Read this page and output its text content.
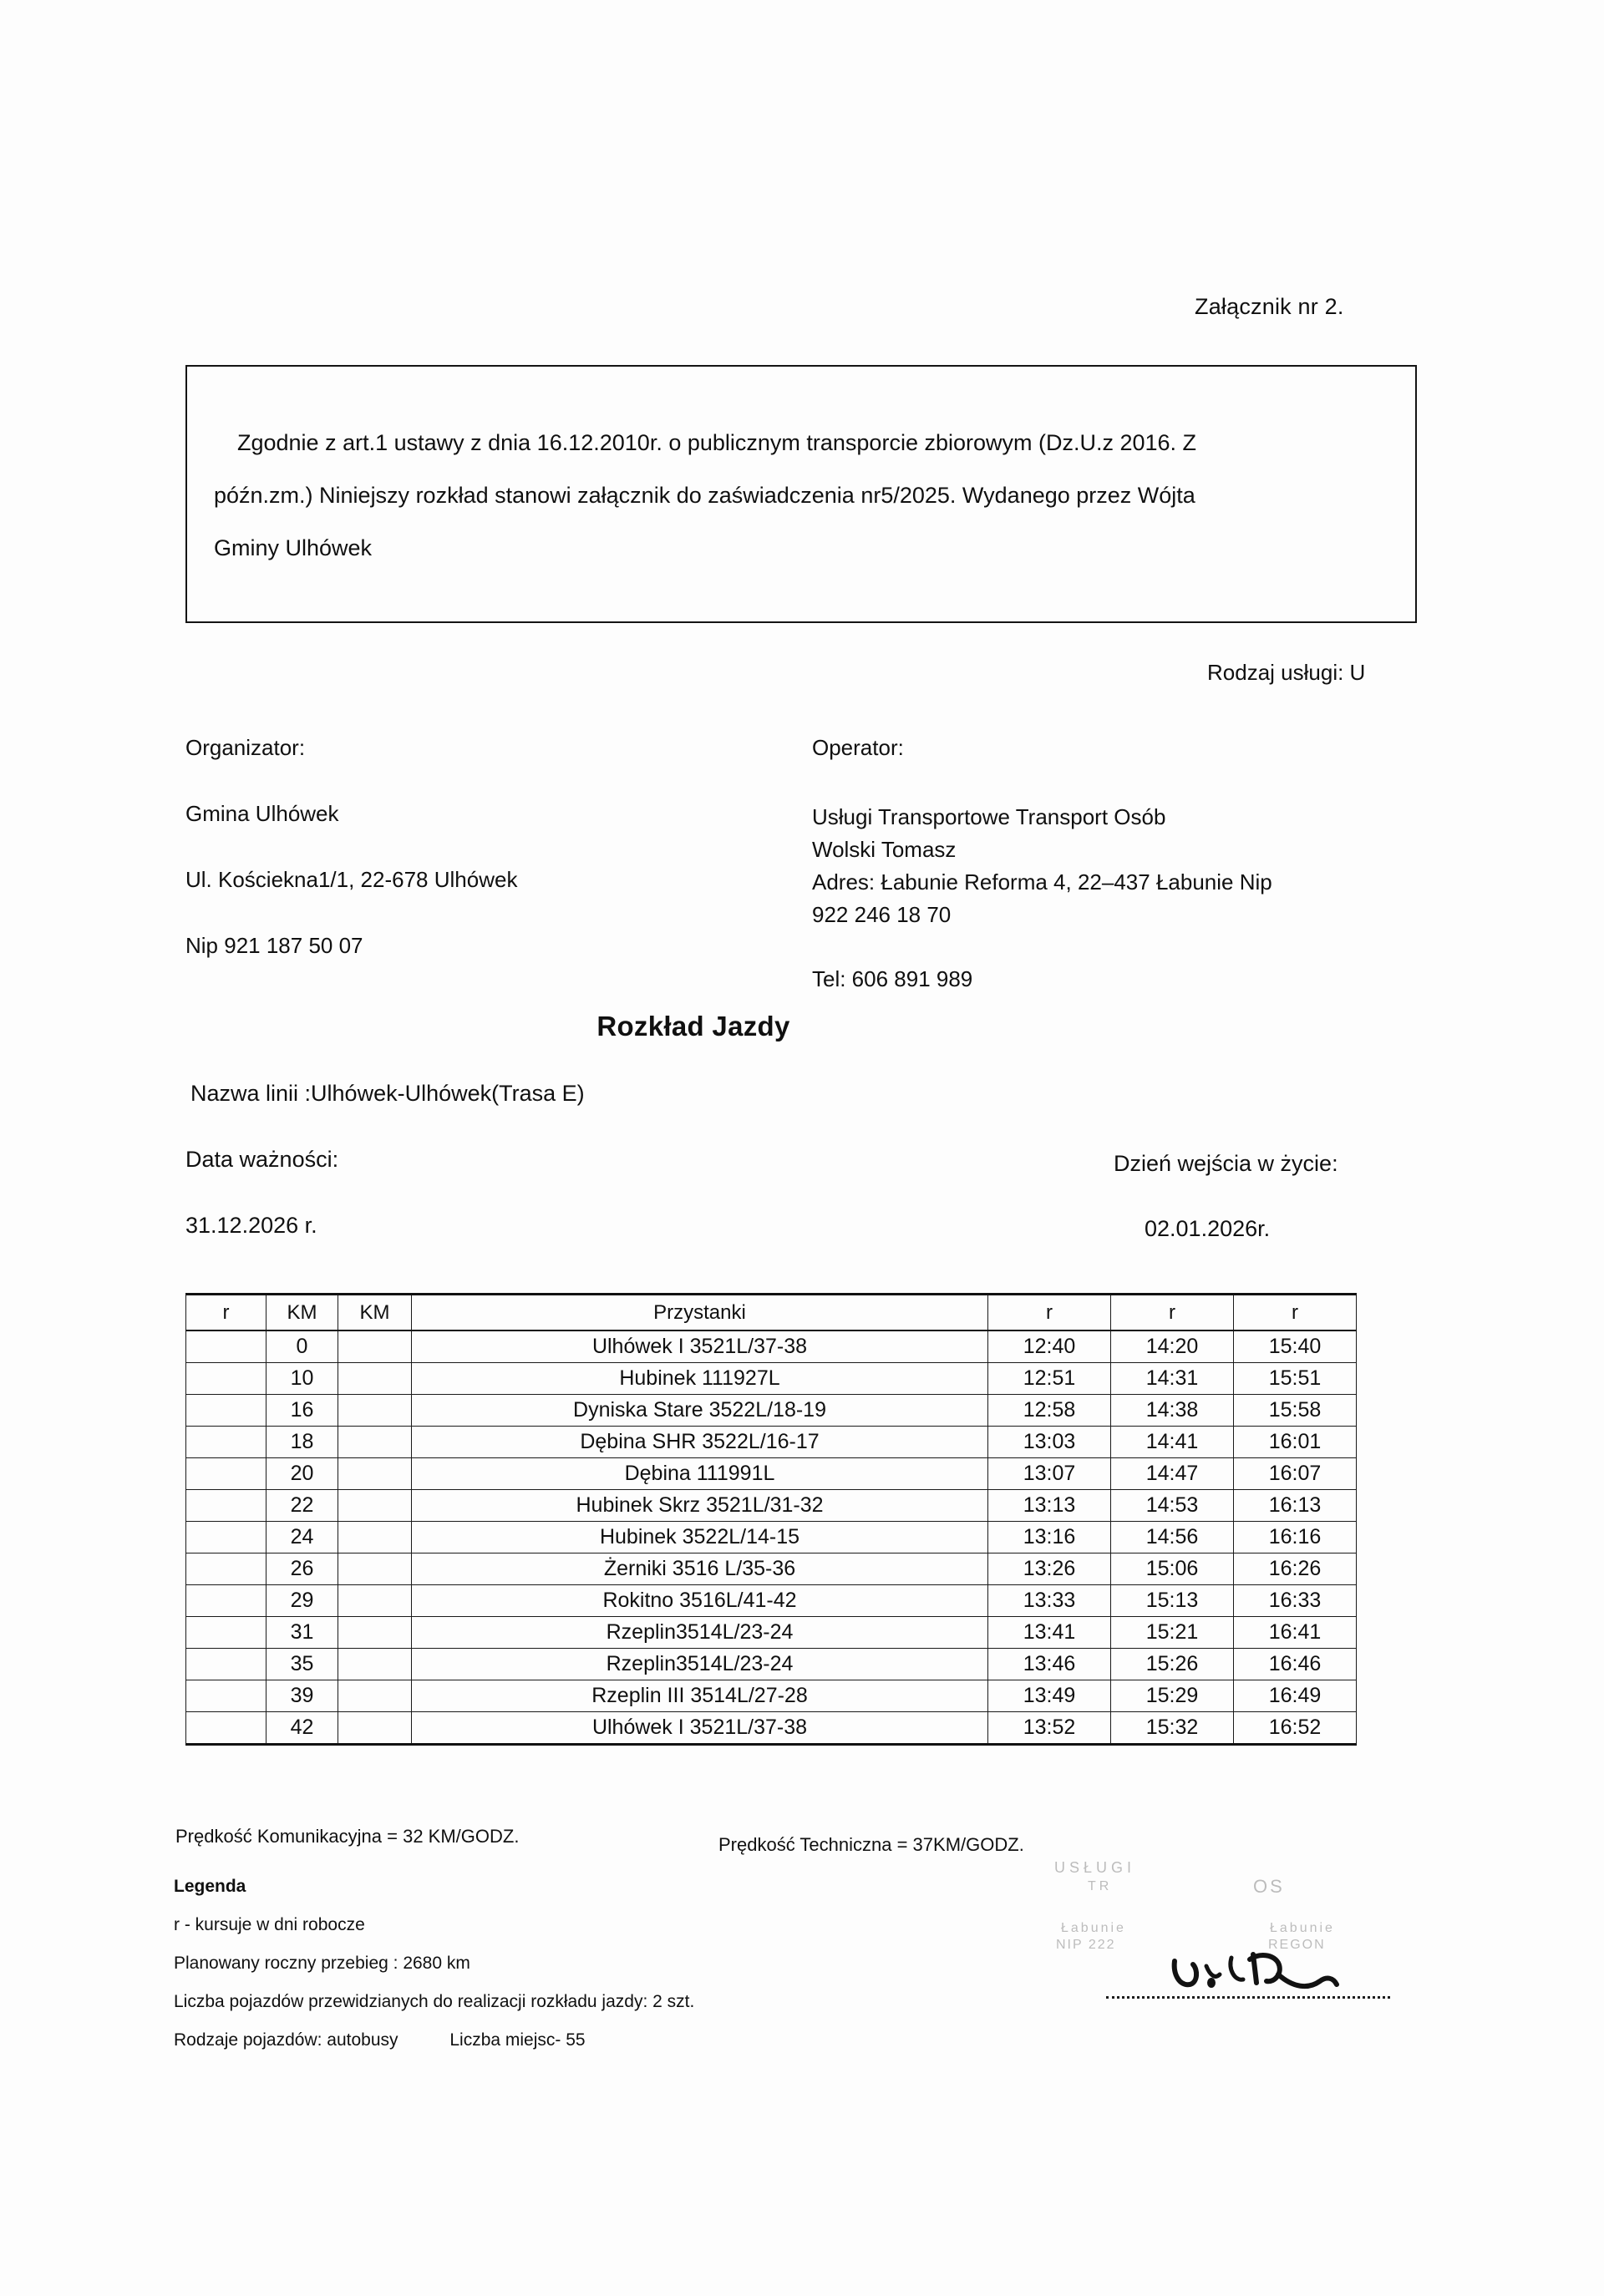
Załącznik nr 2.
Zgodnie z art.1 ustawy z dnia 16.12.2010r. o publicznym transporcie zbiorowym (Dz.U.z 2016. Z
późn.zm.) Niniejszy rozkład stanowi załącznik do zaświadczenia nr5/2025. Wydanego przez Wójta
Gminy Ulhówek
Rodzaj usługi: U
Organizator:
Gmina Ulhówek
Ul. Kościekna1/1, 22-678 Ulhówek
Nip 921 187 50 07
Operator:
Usługi Transportowe Transport Osób
Wolski Tomasz
Adres: Łabunie Reforma 4, 22–437 Łabunie Nip
922 246 18 70
Tel: 606 891 989
Rozkład Jazdy
Nazwa linii :Ulhówek-Ulhówek(Trasa E)
Data ważności:
31.12.2026 r.
Dzień wejścia w życie:
02.01.2026r.
r	KM	KM	Przystanki	r	r	r
	0		Ulhówek I 3521L/37-38	12:40	14:20	15:40
	10		Hubinek 111927L	12:51	14:31	15:51
	16		Dyniska Stare 3522L/18-19	12:58	14:38	15:58
	18		Dębina SHR 3522L/16-17	13:03	14:41	16:01
	20		Dębina 111991L	13:07	14:47	16:07
	22		Hubinek Skrz 3521L/31-32	13:13	14:53	16:13
	24		Hubinek 3522L/14-15	13:16	14:56	16:16
	26		Żerniki 3516 L/35-36	13:26	15:06	16:26
	29		Rokitno 3516L/41-42	13:33	15:13	16:33
	31		Rzeplin3514L/23-24	13:41	15:21	16:41
	35		Rzeplin3514L/23-24	13:46	15:26	16:46
	39		Rzeplin III 3514L/27-28	13:49	15:29	16:49
	42		Ulhówek I 3521L/37-38	13:52	15:32	16:52
Prędkość Komunikacyjna = 32 KM/GODZ.	Prędkość Techniczna = 37KM/GODZ.
Legenda
r - kursuje w dni robocze
Planowany roczny przebieg : 2680 km
Liczba pojazdów przewidzianych do realizacji rozkładu jazdy: 2 szt.
Rodzaje pojazdów: autobusy	Liczba miejsc- 55
USŁUGI
TR	OS
Łabunie
NIP 222
Łabunie
REGON
